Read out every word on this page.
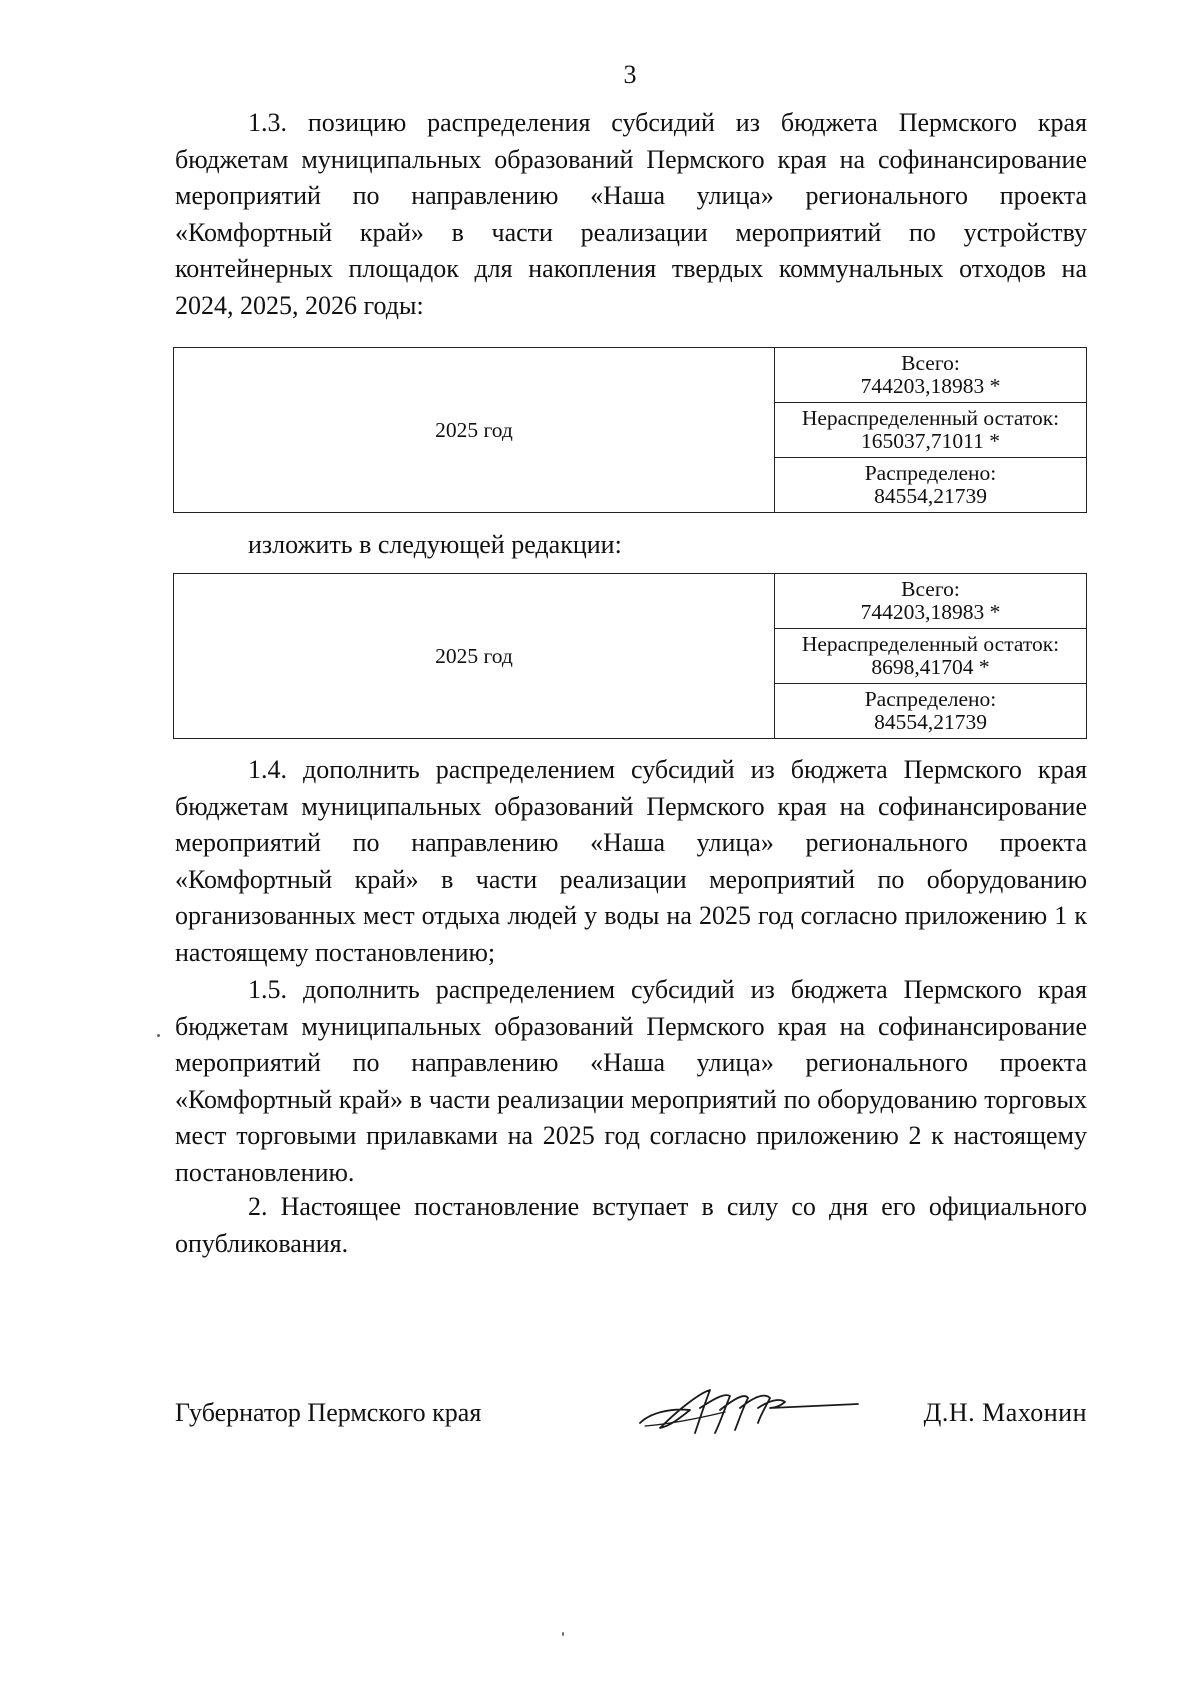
3

1.3. позицию распределения субсидий из бюджета Пермского края бюджетам муниципальных образований Пермского края на софинансирование мероприятий по направлению «Наша улица» регионального проекта «Комфортный край» в части реализации мероприятий по устройству контейнерных площадок для накопления твердых коммунальных отходов на 2024, 2025, 2026 годы:

2025 год
Всего:
744203,18983 *
Нераспределенный остаток:
165037,71011 *
Распределено:
84554,21739
изложить в следующей редакции:
2025 год
Всего:
744203,18983 *
Нераспределенный остаток:
8698,41704 *
Распределено:
84554,21739

1.4. дополнить распределением субсидий из бюджета Пермского края бюджетам муниципальных образований Пермского края на софинансирование мероприятий по направлению «Наша улица» регионального проекта «Комфортный край» в части реализации мероприятий по оборудованию организованных мест отдыха людей у воды на 2025 год согласно приложению 1 к настоящему постановлению;

1.5. дополнить распределением субсидий из бюджета Пермского края бюджетам муниципальных образований Пермского края на софинансирование мероприятий по направлению «Наша улица» регионального проекта «Комфортный край» в части реализации мероприятий по оборудованию торговых мест торговыми прилавками на 2025 год согласно приложению 2 к настоящему постановлению.

2. Настоящее постановление вступает в силу со дня его официального опубликования.

Губернатор Пермского края	Д.Н. Махонин
